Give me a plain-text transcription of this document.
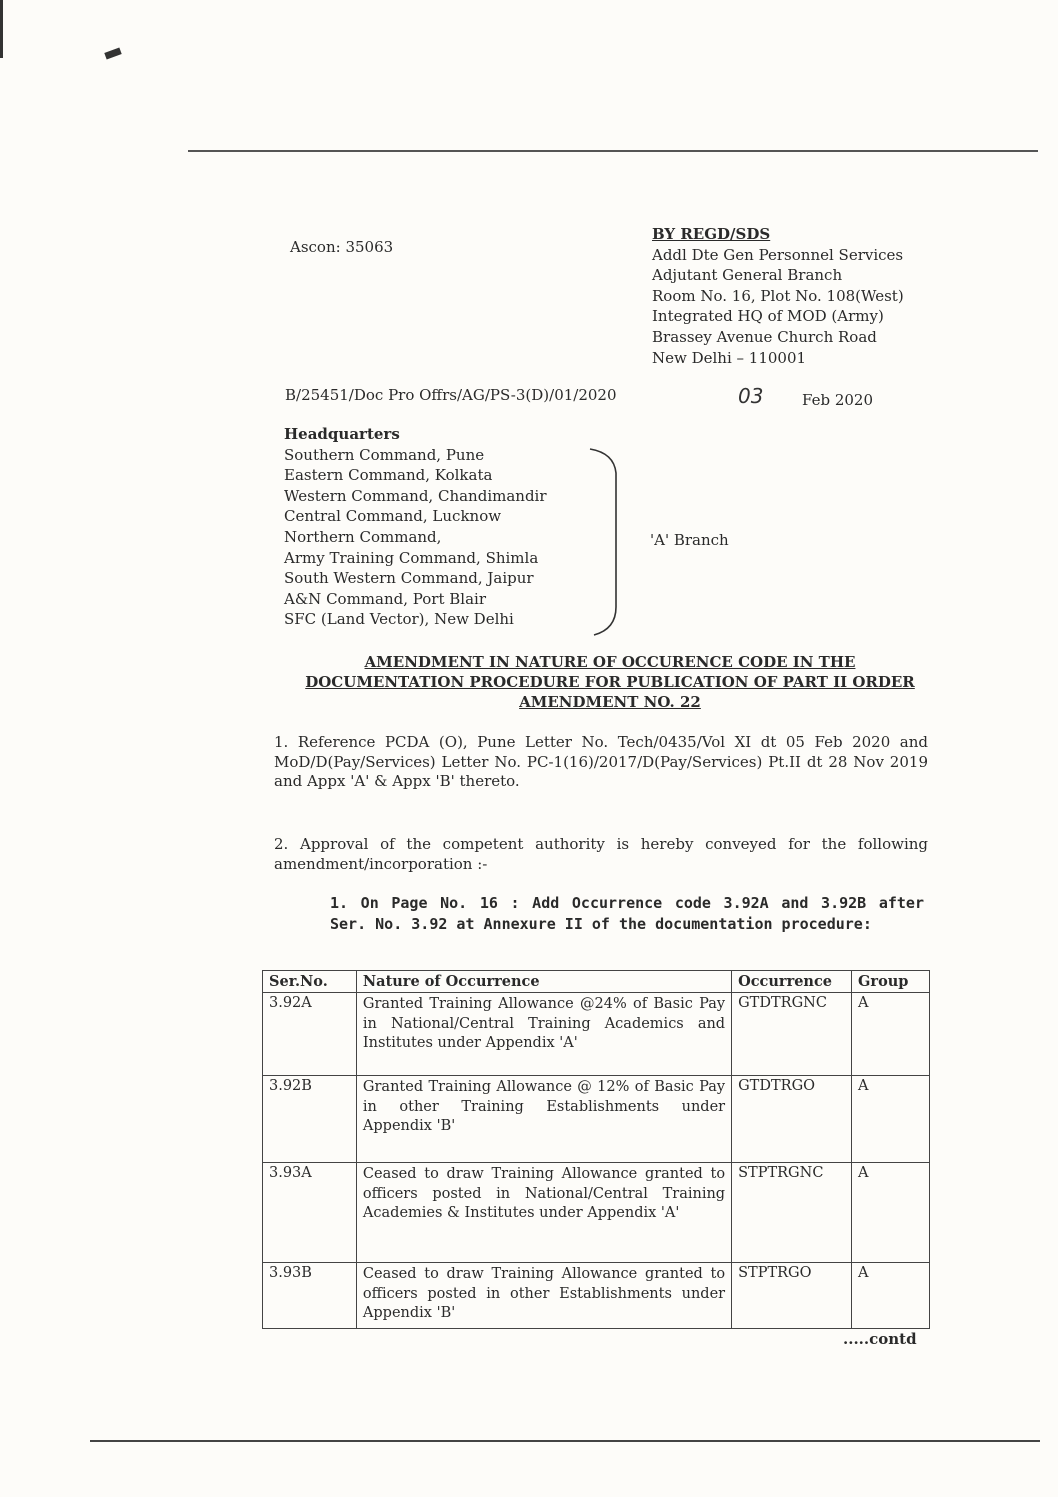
Ascon: 35063
BY REGD/SDS
Addl Dte Gen Personnel Services
Adjutant General Branch
Room No. 16, Plot No. 108(West)
Integrated HQ of MOD (Army)
Brassey Avenue Church Road
New Delhi – 110001
B/25451/Doc Pro Offrs/AG/PS-3(D)/01/2020	03	Feb 2020
Headquarters
Southern Command, Pune
Eastern Command, Kolkata
Western Command, Chandimandir
Central Command, Lucknow
Northern Command,
Army Training Command, Shimla
South Western Command, Jaipur
A&N Command, Port Blair
SFC (Land Vector), New Delhi
'A' Branch
AMENDMENT IN NATURE OF OCCURENCE CODE IN THE
DOCUMENTATION PROCEDURE FOR PUBLICATION OF PART II ORDER
AMENDMENT NO. 22
1. Reference PCDA (O), Pune Letter No. Tech/0435/Vol XI dt 05 Feb 2020 and MoD/D(Pay/Services) Letter No. PC-1(16)/2017/D(Pay/Services) Pt.II dt 28 Nov 2019 and Appx 'A' & Appx 'B' thereto.
2. Approval of the competent authority is hereby conveyed for the following amendment/incorporation :-
1. On Page No. 16 : Add Occurrence code 3.92A and 3.92B after Ser. No. 3.92 at Annexure II of the documentation procedure:
Ser.No.	Nature of Occurrence	Occurrence	Group
3.92A	Granted Training Allowance @24% of Basic Pay in National/Central Training Academics and Institutes under Appendix 'A'	GTDTRGNC	A
3.92B	Granted Training Allowance @ 12% of Basic Pay in other Training Establishments under Appendix 'B'	GTDTRGO	A
3.93A	Ceased to draw Training Allowance granted to officers posted in National/Central Training Academies & Institutes under Appendix 'A'	STPTRGNC	A
3.93B	Ceased to draw Training Allowance granted to officers posted in other Establishments under Appendix 'B'	STPTRGO	A
.....contd
